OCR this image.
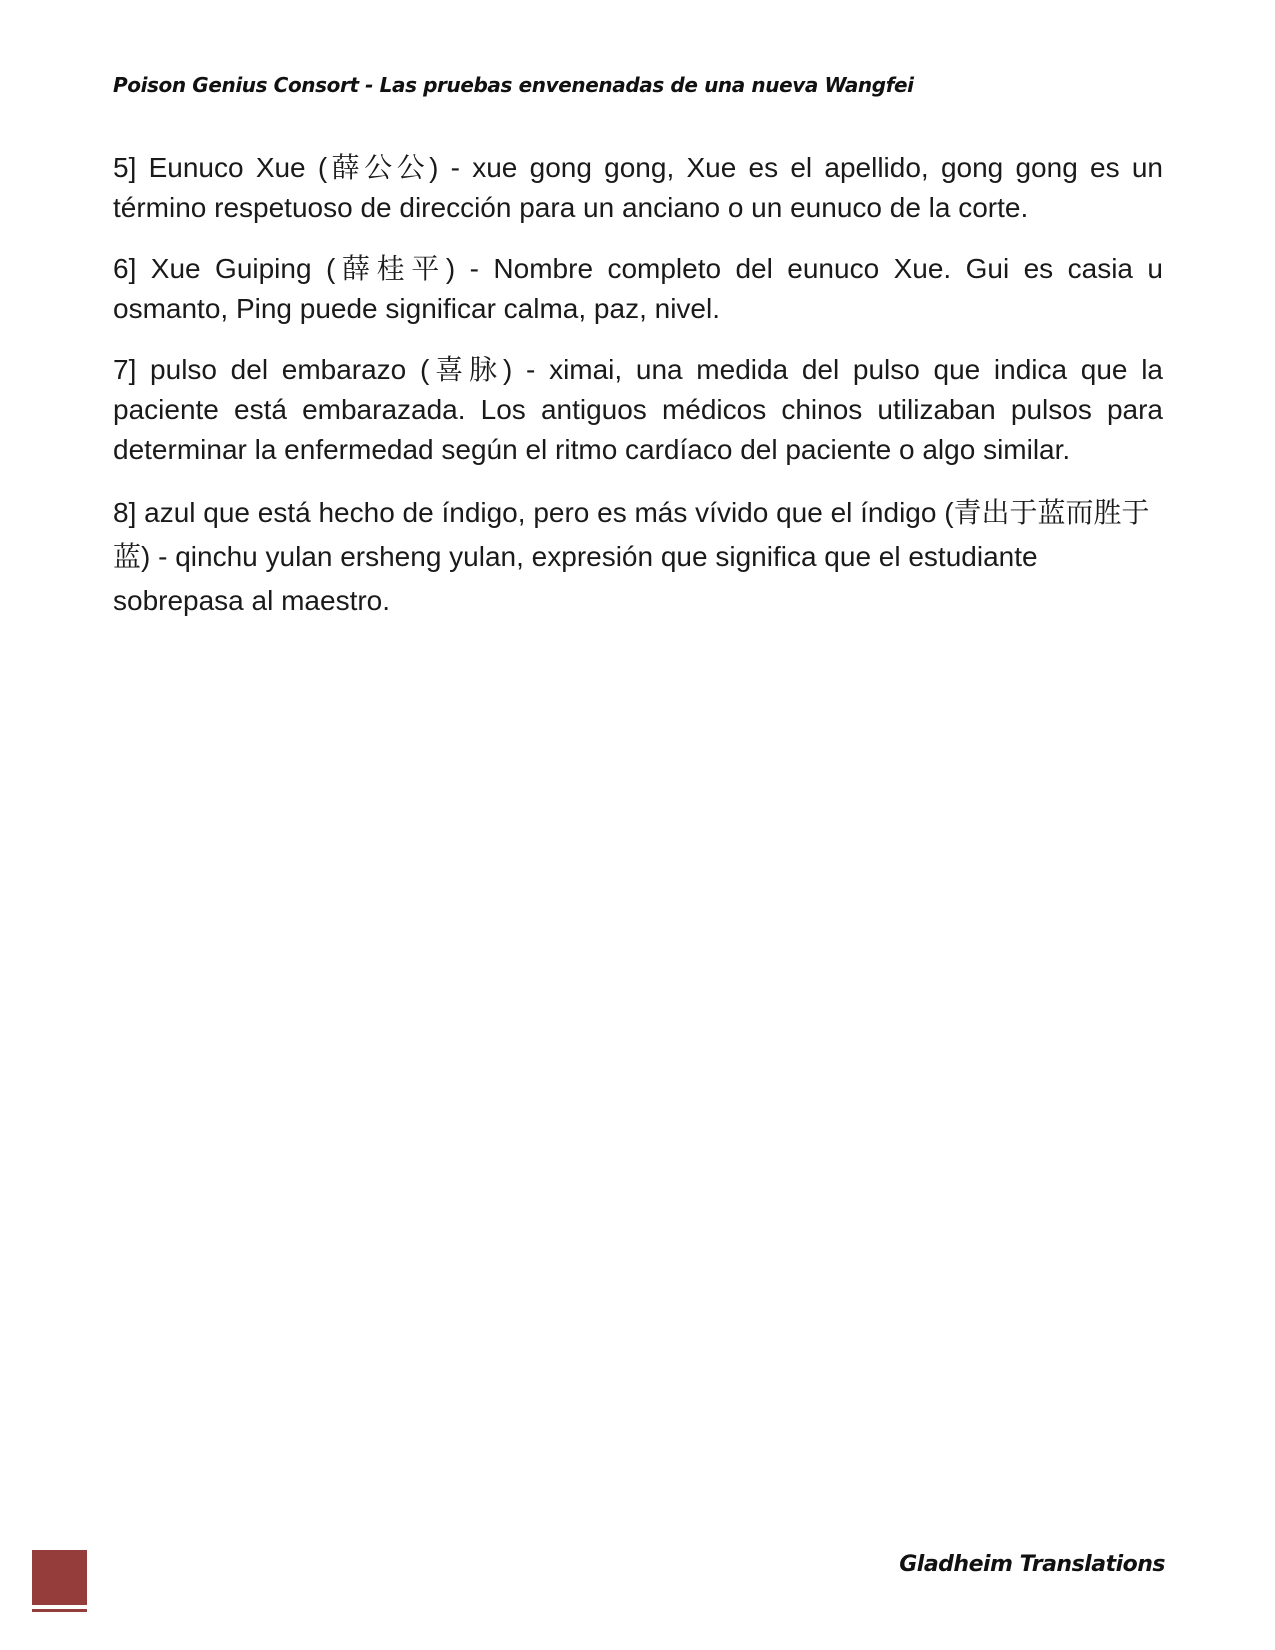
Poison Genius Consort - Las pruebas envenenadas de una nueva Wangfei

5] Eunuco Xue (薛公公) - xue gong gong, Xue es el apellido, gong gong es un término respetuoso de dirección para un anciano o un eunuco de la corte.

6] Xue Guiping (薛桂平) - Nombre completo del eunuco Xue. Gui es casia u osmanto, Ping puede significar calma, paz, nivel.

7] pulso del embarazo (喜脉) - ximai, una medida del pulso que indica que la paciente está embarazada. Los antiguos médicos chinos utilizaban pulsos para determinar la enfermedad según el ritmo cardíaco del paciente o algo similar.

8] azul que está hecho de índigo, pero es más vívido que el índigo (青出于蓝而胜于蓝) - qinchu yulan ersheng yulan, expresión que significa que el estudiante sobrepasa al maestro.

9	Gladheim Translations
